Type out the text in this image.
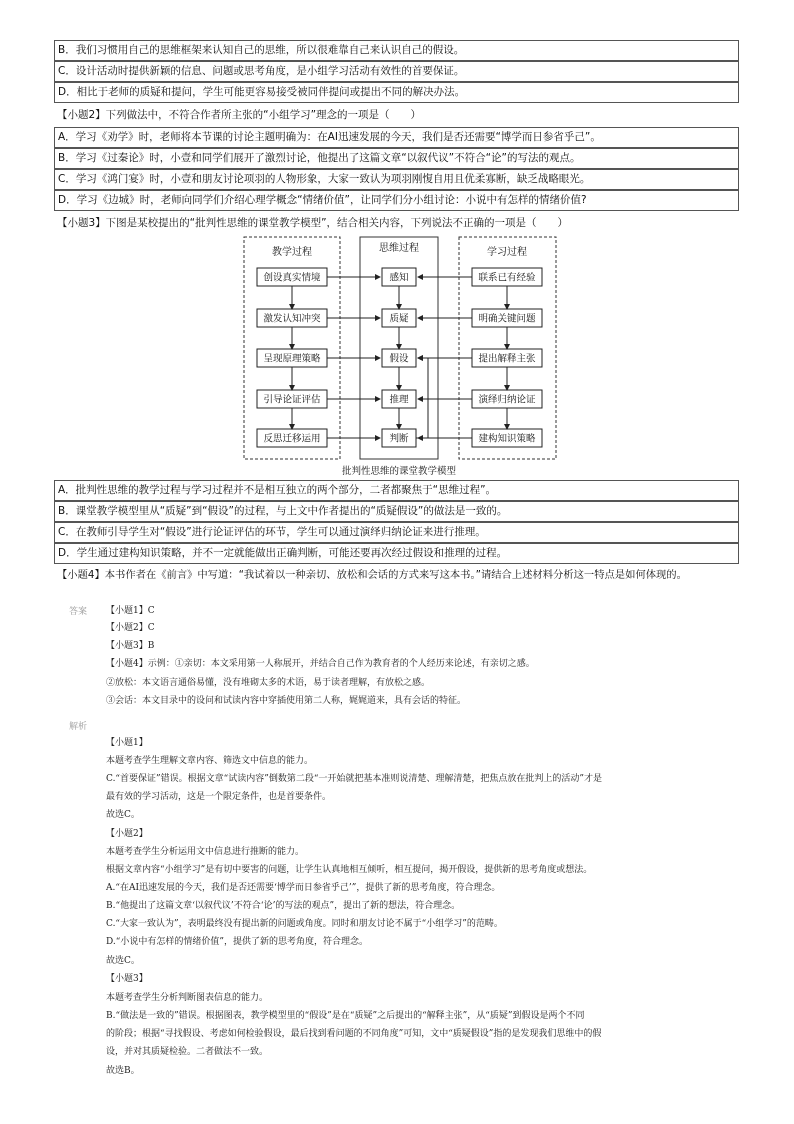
B．我们习惯用自己的思维框架来认知自己的思维，所以很难靠自己来认识自己的假设。
C．设计活动时提供新颖的信息、问题或思考角度，是小组学习活动有效性的首要保证。
D．相比于老师的质疑和提问，学生可能更容易接受被同伴提问或提出不同的解决办法。
【小题2】下列做法中，不符合作者所主张的“小组学习”理念的一项是（　　）
A．学习《劝学》时，老师将本节课的讨论主题明确为：在AI迅速发展的今天，我们是否还需要“博学而日参省乎己”。
B．学习《过秦论》时，小壹和同学们展开了激烈讨论，他提出了这篇文章“以叙代议”不符合“论”的写法的观点。
C．学习《鸿门宴》时，小壹和朋友讨论项羽的人物形象，大家一致认为项羽刚愎自用且优柔寡断，缺乏战略眼光。
D．学习《边城》时，老师向同学们介绍心理学概念“情绪价值”，让同学们分小组讨论：小说中有怎样的情绪价值?
【小题3】下图是某校提出的“批判性思维的课堂教学模型”，结合相关内容，下列说法不正确的一项是（　　）
教学过程	思维过程	学习过程
创设真实情境
激发认知冲突
呈现原理策略
引导论证评估
反思迁移运用
感知
质疑
假设
推理
判断
联系已有经验
明确关键问题
提出解释主张
演绎归纳论证
建构知识策略
批判性思维的课堂教学模型
A．批判性思维的教学过程与学习过程并不是相互独立的两个部分，二者都聚焦于“思维过程”。
B．课堂教学模型里从“质疑”到“假设”的过程，与上文中作者提出的“质疑假设”的做法是一致的。
C．在教师引导学生对“假设”进行论证评估的环节，学生可以通过演绎归纳论证来进行推理。
D．学生通过建构知识策略，并不一定就能做出正确判断，可能还要再次经过假设和推理的过程。
【小题4】本书作者在《前言》中写道：“我试着以一种亲切、放松和会话的方式来写这本书。”请结合上述材料分析这一特点是如何体现的。
答案 【小题1】C
【小题2】C
【小题3】B
【小题4】示例：①亲切：本文采用第一人称展开，并结合自己作为教育者的个人经历来论述，有亲切之感。
②放松：本文语言通俗易懂，没有堆砌太多的术语，易于读者理解，有放松之感。
③会话：本文目录中的设问和试读内容中穿插使用第二人称，娓娓道来，具有会话的特征。
解析
【小题1】
本题考查学生理解文章内容、筛选文中信息的能力。
C.“首要保证”错误。根据文章“试读内容”倒数第二段“一开始就把基本准则说清楚、理解清楚，把焦点放在批判上的活动”才是
最有效的学习活动，这是一个限定条件，也是首要条件。
故选C。
【小题2】
本题考查学生分析运用文中信息进行推断的能力。
根据文章内容“小组学习”是有切中要害的问题，让学生认真地相互倾听，相互提问，揭开假设，提供新的思考角度或想法。
A.“在AI迅速发展的今天，我们是否还需要‘博学而日参省乎己’”，提供了新的思考角度，符合理念。
B.“他提出了这篇文章‘以叙代议’不符合‘论’的写法的观点”，提出了新的想法，符合理念。
C.“大家一致认为”，表明最终没有提出新的问题或角度。同时和朋友讨论不属于“小组学习”的范畴。
D.“小说中有怎样的情绪价值”，提供了新的思考角度，符合理念。
故选C。
【小题3】
本题考查学生分析判断图表信息的能力。
B.“做法是一致的”错误。根据图表，教学模型里的“假设”是在“质疑”之后提出的“解释主张”，从“质疑”到假设是两个不同
的阶段；根据“寻找假设、考虑如何检验假设，最后找到看问题的不同角度”可知，文中“质疑假设”指的是发现我们思维中的假
设，并对其质疑检验。二者做法不一致。
故选B。
